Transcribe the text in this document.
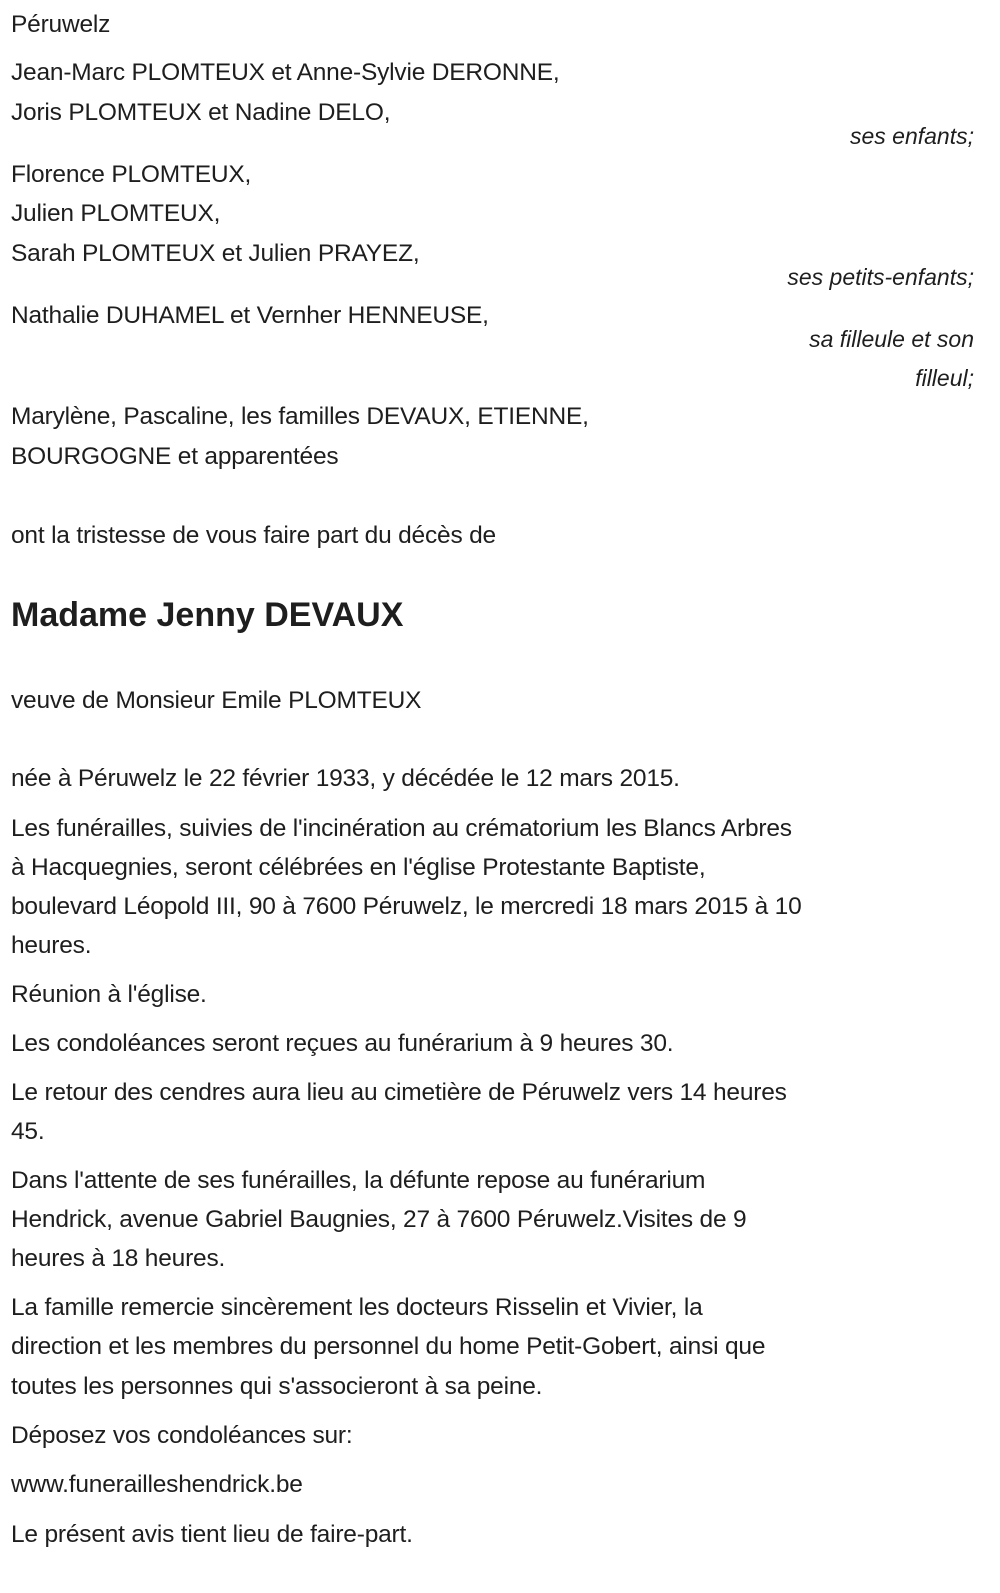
Péruwelz
Jean-Marc PLOMTEUX et Anne-Sylvie DERONNE,
Joris PLOMTEUX et Nadine DELO,
ses enfants;
Florence PLOMTEUX,
Julien PLOMTEUX,
Sarah PLOMTEUX et Julien PRAYEZ,
ses petits-enfants;
Nathalie DUHAMEL et Vernher HENNEUSE,
sa filleule et son
filleul;
Marylène, Pascaline, les familles DEVAUX, ETIENNE,
BOURGOGNE et apparentées
ont la tristesse de vous faire part du décès de
Madame Jenny DEVAUX
veuve de Monsieur Emile PLOMTEUX
née à Péruwelz le 22 février 1933, y décédée le 12 mars 2015.
Les funérailles, suivies de l'incinération au crématorium les Blancs Arbres
à Hacquegnies, seront célébrées en l'église Protestante Baptiste,
boulevard Léopold III, 90 à 7600 Péruwelz, le mercredi 18 mars 2015 à 10
heures.
Réunion à l'église.
Les condoléances seront reçues au funérarium à 9 heures 30.
Le retour des cendres aura lieu au cimetière de Péruwelz vers 14 heures
45.
Dans l'attente de ses funérailles, la défunte repose au funérarium
Hendrick, avenue Gabriel Baugnies, 27 à 7600 Péruwelz.Visites de 9
heures à 18 heures.
La famille remercie sincèrement les docteurs Risselin et Vivier, la
direction et les membres du personnel du home Petit-Gobert, ainsi que
toutes les personnes qui s'associeront à sa peine.
Déposez vos condoléances sur:
www.funerailleshendrick.be
Le présent avis tient lieu de faire-part.
